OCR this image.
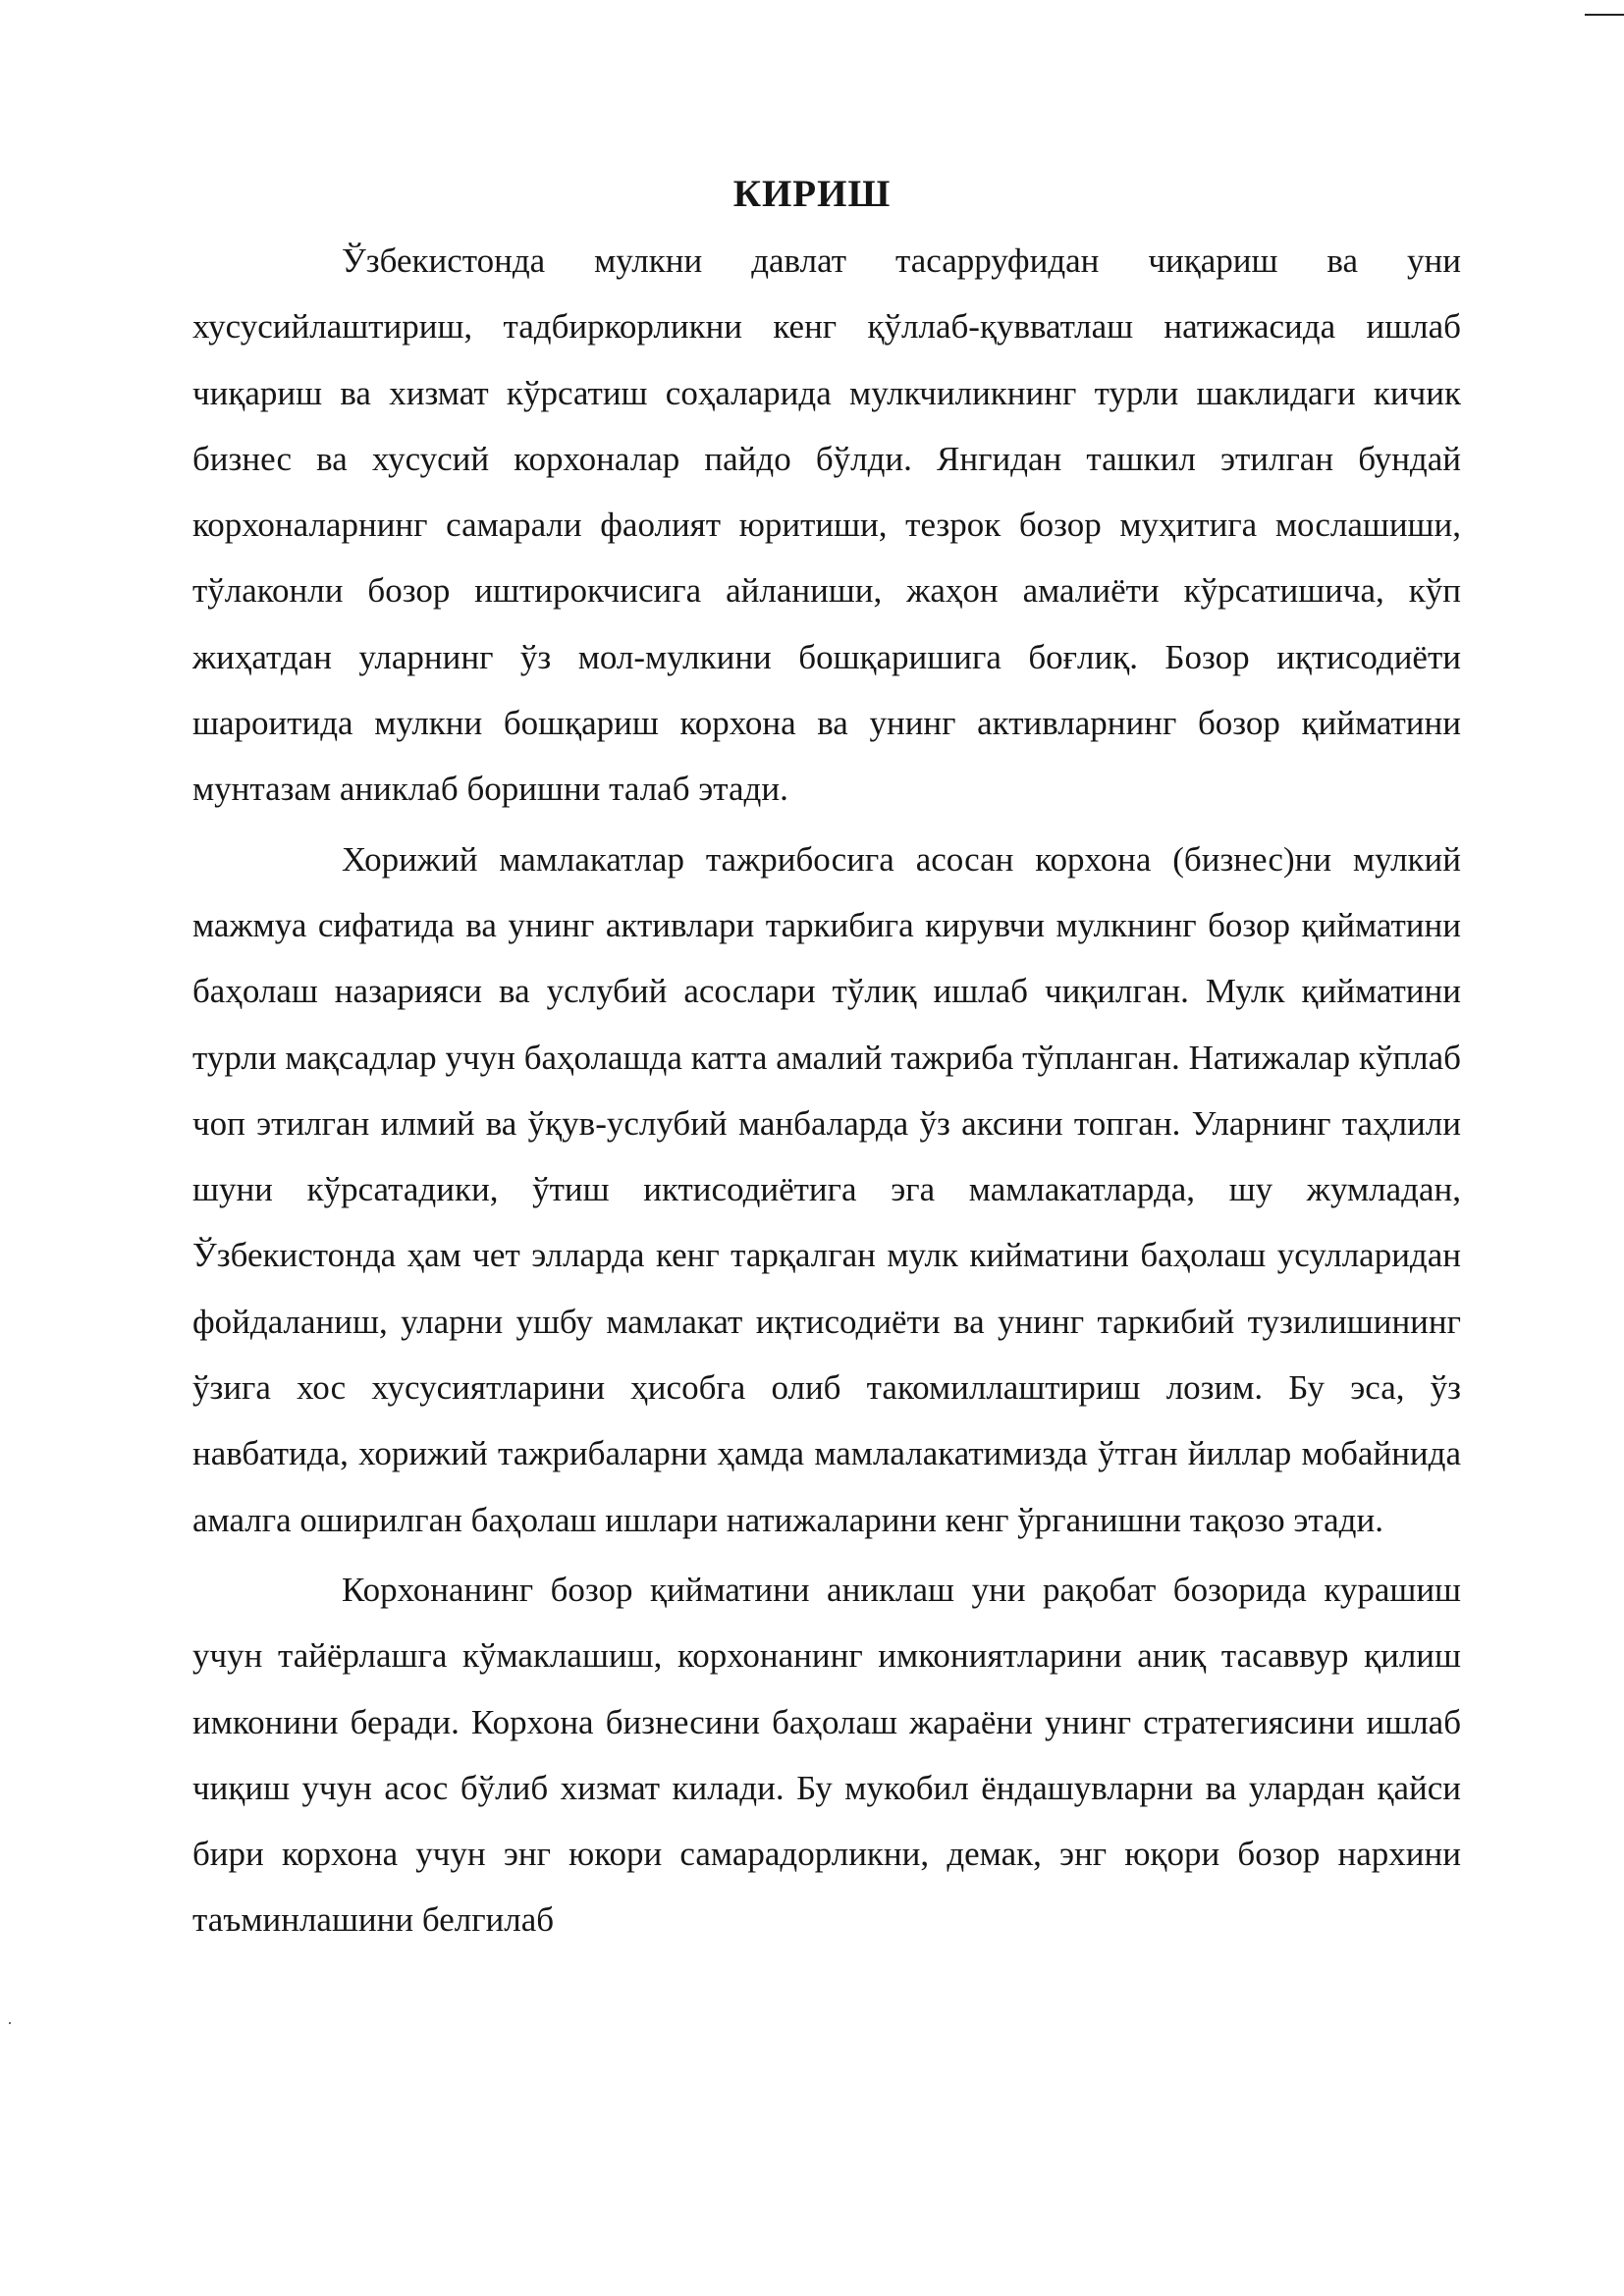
КИРИШ

Ўзбекистонда мулкни давлат тасарруфидан чиқариш ва уни хусусийлаштириш, тадбиркорликни кенг қўллаб-қувватлаш натижасида ишлаб чиқариш ва хизмат кўрсатиш соҳаларида мулкчиликнинг турли шаклидаги кичик бизнес ва хусусий корхоналар пайдо бўлди. Янгидан ташкил этилган бундай корхоналарнинг самарали фаолият юритиши, тезрок бозор муҳитига мослашиши, тўлаконли бозор иштирокчисига айланиши, жаҳон амалиёти кўрсатишича, кўп жиҳатдан уларнинг ўз мол-мулкини бошқаришига боғлиқ. Бозор иқтисодиёти шароитида мулкни бошқариш корхона ва унинг активларнинг бозор қийматини мунтазам аниклаб боришни талаб этади.

Хорижий мамлакатлар тажрибосига асосан корхона (бизнес)ни мулкий мажмуа сифатида ва унинг активлари таркибига кирувчи мулкнинг бозор қийматини баҳолаш назарияси ва услубий асослари тўлиқ ишлаб чиқилган. Мулк қийматини турли мақсадлар учун баҳолашда катта амалий тажриба тўпланган. Натижалар кўплаб чоп этилган илмий ва ўқув-услубий манбаларда ўз аксини топган. Уларнинг таҳлили шуни кўрсатадики, ўтиш иктисодиётига эга мамлакатларда, шу жумладан, Ўзбекистонда ҳам чет элларда кенг тарқалган мулк кийматини баҳолаш усулларидан фойдаланиш, уларни ушбу мамлакат иқтисодиёти ва унинг таркибий тузилишининг ўзига хос хусусиятларини ҳисобга олиб такомиллаштириш лозим. Бу эса, ўз навбатида, хорижий тажрибаларни ҳамда мамлалакатимизда ўтган йиллар мобайнида амалга оширилган баҳолаш ишлари натижаларини кенг ўрганишни тақозо этади.

Корхонанинг бозор қийматини аниклаш уни рақобат бозорида курашиш учун тайёрлашга кўмаклашиш, корхонанинг имкониятларини аниқ тасаввур қилиш имконини беради. Корхона бизнесини баҳолаш жараёни унинг стратегиясини ишлаб чиқиш учун асос бўлиб хизмат килади. Бу мукобил ёндашувларни ва улардан қайси бири корхона учун энг юкори самарадорликни, демак, энг юқори бозор нархини таъминлашини белгилаб
